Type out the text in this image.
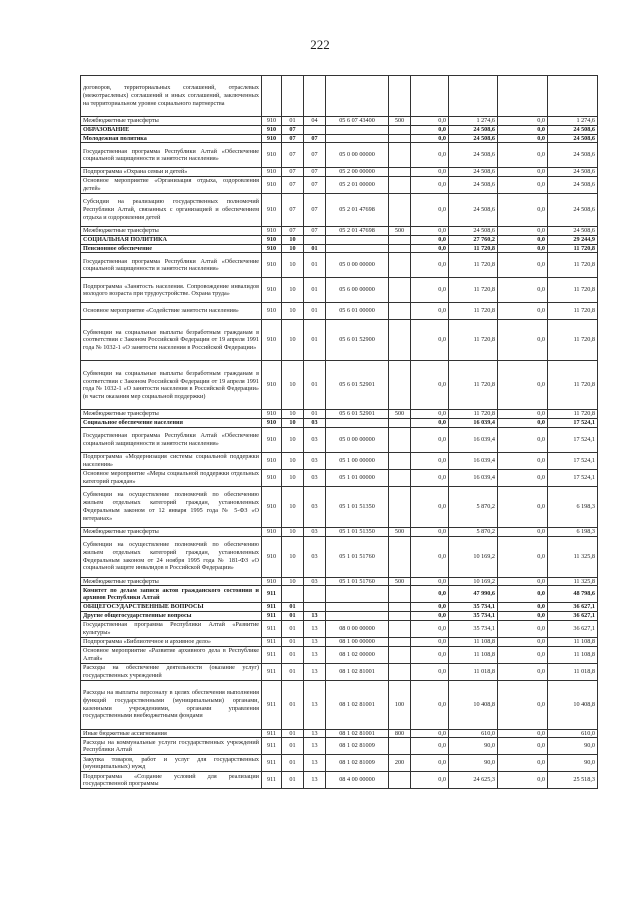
222
договоров, территориальных соглашений, отраслевых (межотраслевых) соглашений и иных соглашений, заключенных на территориальном уровне социального партнерства									
Межбюджетные трансферты	910	01	04	05 6 07 43400	500	0,0	1 274,6	0,0	1 274,6
ОБРАЗОВАНИЕ	910	07				0,0	24 508,6	0,0	24 508,6
Молодежная политика	910	07	07			0,0	24 508,6	0,0	24 508,6
Государственная программа Республики Алтай «Обеспечение социальной защищенности и занятости населения»	910	07	07	05 0 00 00000		0,0	24 508,6	0,0	24 508,6
Подпрограмма «Охрана семьи и детей»	910	07	07	05 2 00 00000		0,0	24 508,6	0,0	24 508,6
Основное мероприятие «Организация отдыха, оздоровления детей»	910	07	07	05 2 01 00000		0,0	24 508,6	0,0	24 508,6
Субсидии на реализацию государственных полномочий Республики Алтай, связанных с организацией и обеспечением отдыха и оздоровления детей	910	07	07	05 2 01 47698		0,0	24 508,6	0,0	24 508,6
Межбюджетные трансферты	910	07	07	05 2 01 47698	500	0,0	24 508,6	0,0	24 508,6
СОЦИАЛЬНАЯ ПОЛИТИКА	910	10				0,0	27 760,2	0,0	29 244,9
Пенсионное обеспечение	910	10	01			0,0	11 720,8	0,0	11 720,8
Государственная программа Республики Алтай «Обеспечение социальной защищенности и занятости населения»	910	10	01	05 0 00 00000		0,0	11 720,8	0,0	11 720,8
Подпрограмма «Занятость населения. Сопровождение инвалидов молодого возраста при трудоустройстве. Охрана труда»	910	10	01	05 6 00 00000		0,0	11 720,8	0,0	11 720,8
Основное мероприятие «Содействие занятости населения»	910	10	01	05 6 01 00000		0,0	11 720,8	0,0	11 720,8
Субвенции на социальные выплаты безработным гражданам в соответствии с Законом Российской Федерации от 19 апреля 1991 года № 1032-1 «О занятости населения в Российской Федерации»	910	10	01	05 6 01 52900		0,0	11 720,8	0,0	11 720,8
Субвенции на социальные выплаты безработным гражданам в соответствии с Законом Российской Федерации от 19 апреля 1991 года № 1032-1 «О занятости населения в Российской Федерации» (в части оказания мер социальной поддержки)	910	10	01	05 6 01 52901		0,0	11 720,8	0,0	11 720,8
Межбюджетные трансферты	910	10	01	05 6 01 52901	500	0,0	11 720,8	0,0	11 720,8
Социальное обеспечение населения	910	10	03			0,0	16 039,4	0,0	17 524,1
Государственная программа Республики Алтай «Обеспечение социальной защищенности и занятости населения»	910	10	03	05 0 00 00000		0,0	16 039,4	0,0	17 524,1
Подпрограмма «Модернизация системы социальной поддержки населения»	910	10	03	05 1 00 00000		0,0	16 039,4	0,0	17 524,1
Основное мероприятие «Меры социальной поддержки отдельных категорий граждан»	910	10	03	05 1 01 00000		0,0	16 039,4	0,0	17 524,1
Субвенции на осуществление полномочий по обеспечению жильем отдельных категорий граждан, установленных Федеральным законом от 12 января 1995 года № 5-ФЗ «О ветеранах»	910	10	03	05 1 01 51350		0,0	5 870,2	0,0	6 198,3
Межбюджетные трансферты	910	10	03	05 1 01 51350	500	0,0	5 870,2	0,0	6 198,3
Субвенции на осуществление полномочий по обеспечению жильем отдельных категорий граждан, установленных Федеральным законом от 24 ноября 1995 года № 181-ФЗ «О социальной защите инвалидов в Российской Федерации»	910	10	03	05 1 01 51760		0,0	10 169,2	0,0	11 325,8
Межбюджетные трансферты	910	10	03	05 1 01 51760	500	0,0	10 169,2	0,0	11 325,8
Комитет по делам записи актов гражданского состояния и архивов Республики Алтай	911					0,0	47 990,6	0,0	48 798,6
ОБЩЕГОСУДАРСТВЕННЫЕ ВОПРОСЫ	911	01				0,0	35 734,1	0,0	36 627,1
Другие общегосударственные вопросы	911	01	13			0,0	35 734,1	0,0	36 627,1
Государственная программа Республики Алтай «Развитие культуры»	911	01	13	08 0 00 00000		0,0	35 734,1	0,0	36 627,1
Подпрограмма «Библиотечное и архивное дело»	911	01	13	08 1 00 00000		0,0	11 108,8	0,0	11 108,8
Основное мероприятие «Развитие архивного дела в Республике Алтай»	911	01	13	08 1 02 00000		0,0	11 108,8	0,0	11 108,8
Расходы на обеспечение деятельности (оказание услуг) государственных учреждений	911	01	13	08 1 02 81001		0,0	11 018,8	0,0	11 018,8
Расходы на выплаты персоналу в целях обеспечения выполнения функций государственными (муниципальными) органами, казенными учреждениями, органами управления государственными внебюджетными фондами	911	01	13	08 1 02 81001	100	0,0	10 408,8	0,0	10 408,8
Иные бюджетные ассигнования	911	01	13	08 1 02 81001	800	0,0	610,0	0,0	610,0
Расходы на коммунальные услуги государственных учреждений Республики Алтай	911	01	13	08 1 02 81009		0,0	90,0	0,0	90,0
Закупка товаров, работ и услуг для государственных (муниципальных) нужд	911	01	13	08 1 02 81009	200	0,0	90,0	0,0	90,0
Подпрограмма «Создание условий для реализации государственной программы	911	01	13	08 4 00 00000		0,0	24 625,3	0,0	25 518,3
